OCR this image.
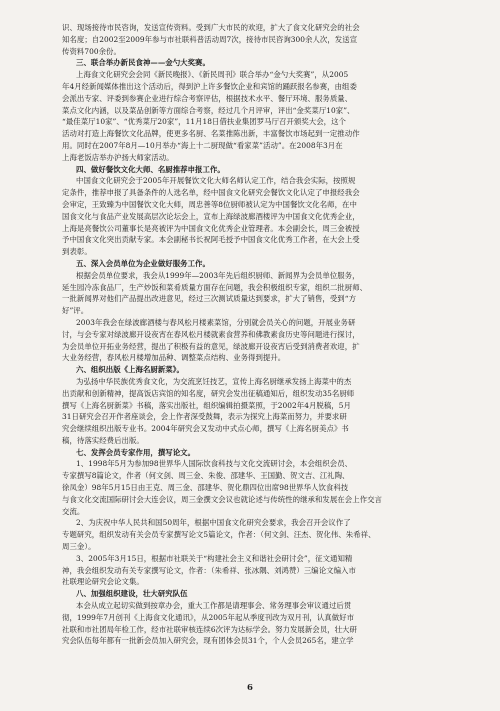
识、现场接待市民咨询，发送宣传资料。受到广大市民的欢迎，扩大了食文化研究会的社会

知名度；自2002至2009年参与市社联科普活动周7次，接待市民咨询300余人次，发送宣

传资料700余份。

三、联合举办新民食神——金勺大奖赛。

上海食文化研究会会同《新民晚报》、《新民周刊》联合举办“金勺大奖赛”，从2005

年4月经新闻媒体推出这个活动后，得到沪上许多餐饮企业和宾馆的踊跃报名参赛，由组委

会派出专家、评委到参赛企业进行综合考察评估，根据技术水平、餐厅环境、服务质量、

菜点文化内涵，以及菜品创新等方面综合考察，经过几个月评审，评出“金奖菜厅10家”、

“最佳菜厅10家”、“优秀菜厅20家”，11月18日借扶业集团罗马厅召开颁奖大会，这个

活动对打造上海餐饮文化品牌，使更多名厨、名菜推陈出新，丰富餐饮市场起到一定推动作

用。同时在2007年8月—10月举办“海上十二厨现做“看家菜”活动”。在2008年3月在

上海老饭店举办沪扬大师家活动。

四、做好餐饮文化大师、名厨推荐申报工作。

中国食文化研究会于2005年开展餐饮文化大师名师认定工作，结合我会实际，按照规

定条件，推荐申报了具备条件的人选名单，经中国食文化研究会餐饮文化认定了申报经我会

会审定，王致臻为中国餐饮文化大师，周忠善等8位厨师被认定为中国餐饮文化名师，在中

国食文化与食品产业发展高层次论坛会上，宣布上海绿波廊酒楼评为中国食文化优秀企业，

上海是亮餐饮公司董事长是亮被评为中国食文化优秀企业管理者。本会副会长，周三金被授

予中国食文化突出贡献专家。本会副秘书长祝阿毛授予中国食文化优秀工作者，在大会上受

到表彰。

五、深入会员单位为企业做好服务工作。

根据会员单位要求，我会从1999年—2003年先后组织厨师、新闻界为会员单位服务，

延生园冷冻食品厂，生产炒饭和菜肴质量方面存在问题，我会积极组织专家，组织二批厨师、

一批新闻界对他们产品提出改进意见，经过三次测试质量达到要求，扩大了销售，受到“方

好”评。

2003年我会在绿波廊酒楼与春风松月楼素菜馆，分别就会员关心的问题，开展业务研

讨，与会专家对绿波廊开设夜宵在春风松月楼就素食营养和佛教素食历史等问题进行探讨，

为会员单位开拓业务经营，提出了积极有益的意见，绿波廊开设夜宵后受到消费者欢迎，扩

大业务经营，春风松月楼增加品种、调整菜点结构、业务得到提升。

六、组织出版《上海名厨新菜》。

为弘扬中华民族优秀食文化，为交流烹饪技艺，宣传上海名厨继承发扬上海菜中的杰

出贡献和创新精神，提高饭店宾馆的知名度，研究会发出征稿通知后，组织发动35名厨师

撰写《上海名厨新菜》书稿，落实出版社，组织编辑拍摄菜照，于2002年4月脱稿，5月

31日研究会召开作者座谈会，会上作者深受鼓舞，表示为探究上海菜而努力，并要求研

究会继续组织出版专业书。2004年研究会又发动中式点心师，撰写《上海名厨美点》书

稿，待落实经费后出版。

七、发挥会员专家作用，撰写论文。

1、1998年5月为参加98世界华人国际饮食科技与文化交流研讨会，本会组织会员、

专家撰写8篇论文，作者（何文剑、周三金、朱俊、邵建华、王国勤、贺文吉、江礼陶、

徐凤金）98年5月15日由王克、周三金、邵建华、贺化鼎四位出席98世界华人饮食科技

与食文化交流国际研讨会大连会议，周三金撰文会议也就论述与传统性的继承和发展在会上作交言

交流。

2、为庆祝中华人民共和国50周年，根据中国食文化研究会要求，我会召开会议作了

专题研究，组织发动有关会员专家撰写论文5篇论文，作者：（何文剑、汪杰、贺化伟、朱希祥、

周三金）。

3、2005年3月15日，根据市社联关于“构建社会主义和谐社会研讨会”，征文通知精

神，我会组织发动有关专家撰写论文，作者：（朱希祥、张冰隅、刘鸿赞）三编论文编入市

社联理论研究会论文集。

八、加强组织建设，壮大研究队伍

本会从成立起切实做到按章办会，重大工作都是请理事会、常务理事会审议通过后贯

彻，1999年7月创刊《上海食文化通讯》，从2005年起从季度刊改为双月刊，认真做好市

社联和市社团局年检工作，经市社联审核连续6次评为达标学会。努力发展新会员，壮大研

究会队伍每年都有一批新会员加入研究会，现有团体会员31个，个人会员265名，建立学

6
